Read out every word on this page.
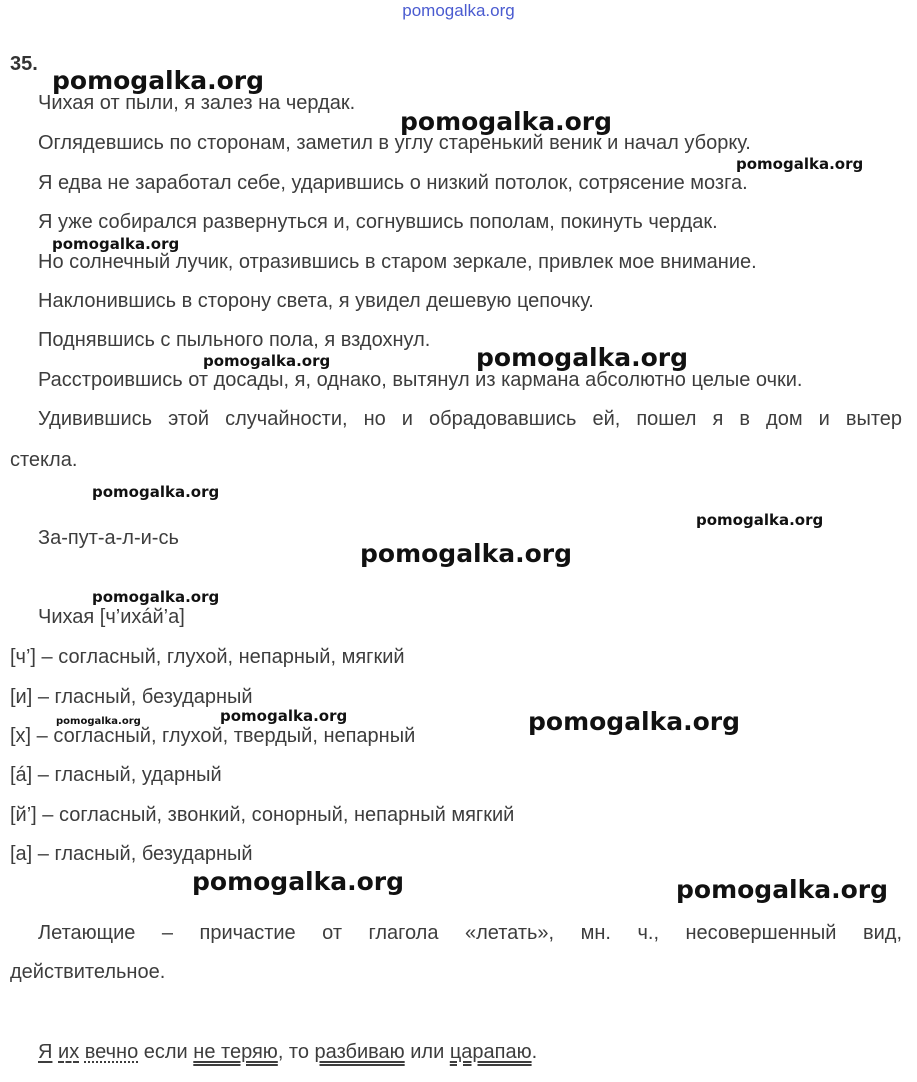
pomogalka.org
35.
Чихая от пыли, я залез на чердак.
Оглядевшись по сторонам, заметил в углу старенький веник и начал уборку.
Я едва не заработал себе, ударившись о низкий потолок, сотрясение мозга.
Я уже собирался развернуться и, согнувшись пополам, покинуть чердак.
Но солнечный лучик, отразившись в старом зеркале, привлек мое внимание.
Наклонившись в сторону света, я увидел дешевую цепочку.
Поднявшись с пыльного пола, я вздохнул.
Расстроившись от досады, я, однако, вытянул из кармана абсолютно целые очки.
Удивившись этой случайности, но и обрадовавшись ей, пошел я в дом и вытер
стекла.
За-пут-а-л-и-сь
Чихая [ч’ихáй’а]
[ч’] – согласный, глухой, непарный, мягкий
[и] – гласный, безударный
[х] – согласный, глухой, твердый, непарный
[á] – гласный, ударный
[й’] – согласный, звонкий, сонорный, непарный мягкий
[а] – гласный, безударный
Летающие – причастие от глагола «летать», мн. ч., несовершенный вид,
действительное.
Я их вечно если не теряю, то разбиваю или царапаю.
pomogalka.org
pomogalka.org
pomogalka.org
pomogalka.org
pomogalka.org	pomogalka.org
pomogalka.org
pomogalka.org
pomogalka.org
pomogalka.org
pomogalka.org	pomogalka.org	pomogalka.org
pomogalka.org	pomogalka.org
